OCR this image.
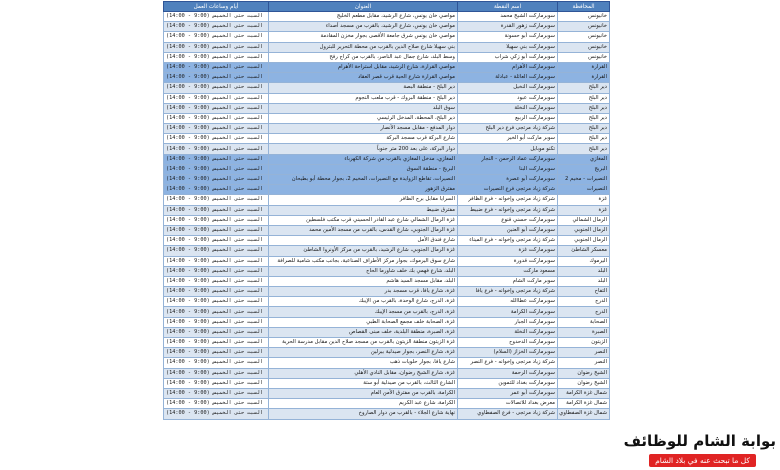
المحافظة	اسم النقطة	العنوان	أيام وساعات العمل
خانيونس	سوبرماركت الشيخ محمد	مواصي خان يونس، شارع الرشيد، مقابل مطعم الخليج	السبت حتى الخميس (9:00 - 14:00)
خانيونس	سوبرماركت زهور القدرة	مواصي خان يونس، شارع الرشيد، بالقرب من مسجد أصداء	السبت حتى الخميس (9:00 - 14:00)
خانيونس	سوبرماركت أبو حسونة	مواصي خان يونس شرق جامعة الأقصى بجوار مخزن المقادمة	السبت حتى الخميس (9:00 - 14:00)
خانيونس	سوبرماركت بني سهيلا	بني سهيلا شارع صلاح الدين بالقرب من محطة التحرير للبترول	السبت حتى الخميس (9:00 - 14:00)
خانيونس	سوبرماركت أبو زكي شراب	وسط البلد، شارع جمال عبد الناصر، بالقرب من كراج رفح	السبت حتى الخميس (9:00 - 14:00)
القرارة	سوبرماركت الأهرام	مواصي القرارة، شارع الرشيد، مقابل استراحة الأهرام	السبت حتى الخميس (9:00 - 14:00)
القرارة	سوبرماركت العائلة - عبادلة	مواصي القرارة شارع الحية قرب قصر العقاد	السبت حتى الخميس (9:00 - 14:00)
دير البلح	سوبرماركت النخيل	دير البلح - منطقة البصة	السبت حتى الخميس (9:00 - 14:00)
دير البلح	سوبرماركت عبود	دير البلح - منطقة البروك - قرب ملعب النجوم	السبت حتى الخميس (9:00 - 14:00)
دير البلح	سوبرماركت النخلة	سوق البلد	السبت حتى الخميس (9:00 - 14:00)
دير البلح	سوبرماركت الربيع	دير البلح، المحطة، المدخل الرئيسي	السبت حتى الخميس (9:00 - 14:00)
دير البلح	شركة زياد مرتجى فرع دير البلح	دوار المدفع - مقابل مسجد الأنصار	السبت حتى الخميس (9:00 - 14:00)
دير البلح	سوبر ماركت أبو الخير	شارع البركة قرب مسجد البركة	السبت حتى الخميس (9:00 - 14:00)
دير البلح	تكنو موبايل	دوار البركة، على بعد 200 متر جنوباً	السبت حتى الخميس (9:00 - 14:00)
المغازي	سوبرماركت عماد الرحمن - النجار	المغازي، مدخل المغازي بالقرب من شركة الكهرباء	السبت حتى الخميس (9:00 - 14:00)
البريج	سوبرماركت البنا	البريج - منطقة السوق	السبت حتى الخميس (9:00 - 14:00)
النصيرات - مخيم 2	سوبرماركت أبو عصرة	النصيرات، تقاطع الزوايدة مع النصيرات، المخيم 2، بجوار محطة أبو بطيحان	السبت حتى الخميس (9:00 - 14:00)
النصيرات	شركة زياد مرتجى فرع النصيرات	مفترق الزهور	السبت حتى الخميس (9:00 - 14:00)
غزة	شركة زياد مرتجى وإخوانه - فرع الظافر	السرايا مقابل برج الظافر	السبت حتى الخميس (9:00 - 14:00)
غزة	شركة زياد مرتجى وإخوانه - فرع ضبيط	مفترق ضبيط	السبت حتى الخميس (9:00 - 14:00)
الرمال الشمالي	سوبرماركت حسني قنوع	غزة الرمال الشمالي شارع عبد القادر الحسيني قرب مكتب فلسطين	السبت حتى الخميس (9:00 - 14:00)
الرمال الجنوبي	سوبرماركت أبو العنين	غزة الرمال الجنوبي، شارع القدس، بالقرب من مسجد الأمين محمد	السبت حتى الخميس (9:00 - 14:00)
الرمال الجنوبي	شركة زياد مرتجى وإخوانه - فرع الميناء	شارع فندق الأمل	السبت حتى الخميس (9:00 - 14:00)
معسكر الشاطئ	سوبرماركت غزة	غزة الرمال الجنوبي، شارع الرشيد، بالقرب من مركز الأونروا الشاطئ	السبت حتى الخميس (9:00 - 14:00)
اليرموك	سوبرماركت قدورة	شارع سوق اليرموك، بجوار مركز الأطراف الصناعية، بجانب مكتب شامية للصرافة	السبت حتى الخميس (9:00 - 14:00)
البلد	مسعود ماركت	البلد، شارع فهمي بك خلف شاورما الحاج	السبت حتى الخميس (9:00 - 14:00)
البلد	سوبر ماركت الشام	البلد، مقابل مسجد السيد هاشم	السبت حتى الخميس (9:00 - 14:00)
التفاح	شركة زياد مرتجى وإخوانه - فرع يافا	غزة، شارع يافا، قرب مسجد بدر	السبت حتى الخميس (9:00 - 14:00)
الدرج	سوبرماركت عطاالله	غزة، الدرج، شارع الوحدة، بالقرب من الإيبك	السبت حتى الخميس (9:00 - 14:00)
الدرج	سوبرماركت الكرامة	غزة، الدرج، بالقرب من مسجد الإيبك	السبت حتى الخميس (9:00 - 14:00)
الصحابة	سوبرماركت الجبار	غزة، الصحابة خلف مجمع الصحابة الطبي	السبت حتى الخميس (9:00 - 14:00)
الصبرة	سوبرماركت النخلة	غزة، الصبرة، منطقة البلدية، خلف مبنى القصاص	السبت حتى الخميس (9:00 - 14:00)
الزيتون	سوبرماركت الدحدوح	غزة الزيتون منطقة الزيتون بالقرب من مسجد صلاح الدين مقابل مدرسة الحرية	السبت حتى الخميس (9:00 - 14:00)
النصر	سوبرماركت الخزاز (السلام)	غزة، شارع النصر، بجوار صيدلية بيرلين	السبت حتى الخميس (9:00 - 14:00)
النصر	شركة زياد مرتجى وإخوانه - فرع النصر	شارع يافا، بجوار حلويات ذهب	السبت حتى الخميس (9:00 - 14:00)
الشيخ رضوان	سوبرماركت الرحمة	غزة، شارع الشيخ رضوان، مقابل النادي الأهلي	السبت حتى الخميس (9:00 - 14:00)
الشيخ رضوان	سوبرماركت بغداد للتموين	الشارع الثالث، بالقرب من صيدلية أبو ستة	السبت حتى الخميس (9:00 - 14:00)
شمال غزة الكرامة	سوبرماركت أبو عمر	الكرامة، بالقرب من مفترق الأمن العام	السبت حتى الخميس (9:00 - 14:00)
شمال غزة الكرامة	معرض بغداد للاتصالات	الكرامة، شارع عبد الكريم	السبت حتى الخميس (9:00 - 14:00)
شمال غزة الصفطاوي	شركة زياد مرتجى - فرع الصفطاوي	نهاية شارع الجلاء - بالقرب من دوار الصاروخ	السبت حتى الخميس (9:00 - 14:00)
بوابة الشام للوظائف
كل ما تبحث عنه في بلاد الشام
